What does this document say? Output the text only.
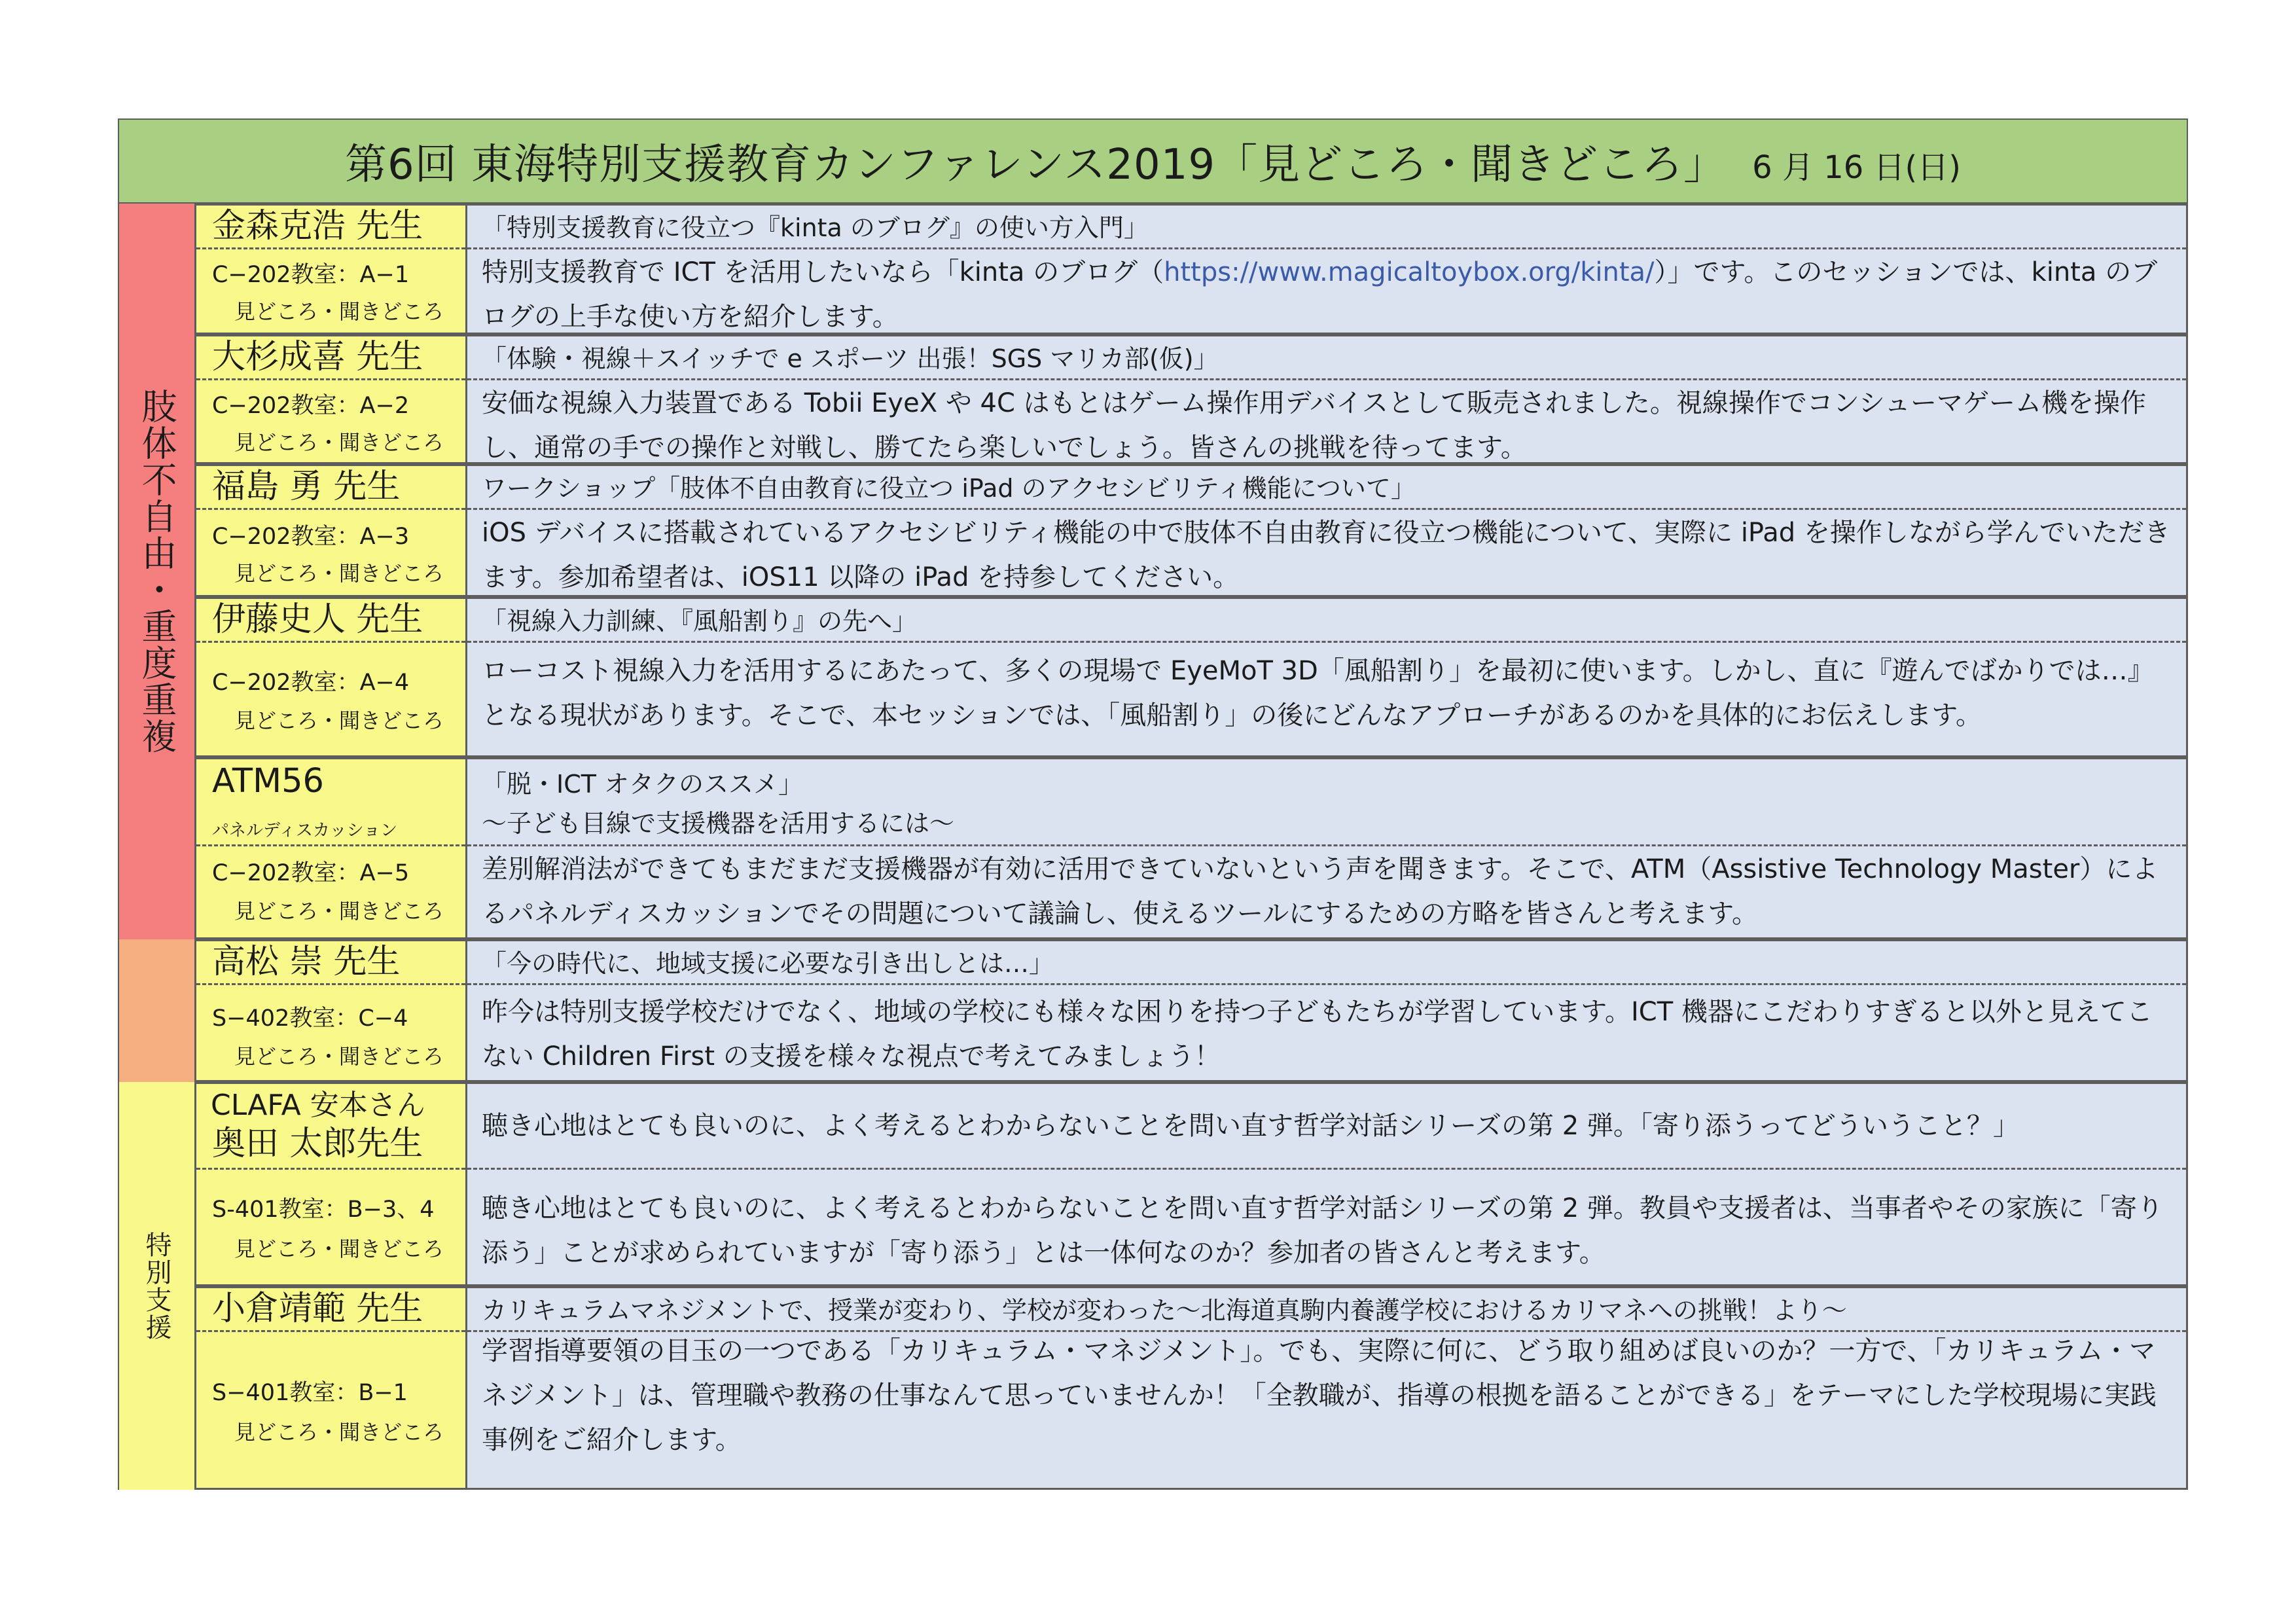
第6回 東海特別支援教育カンファレンス2019「見どころ・聞きどころ」 6 月 16 日(日)
肢体不自由・重度重複
特別支援
金森克浩 先生
C−202教室：A−1
見どころ・聞きどころ
「特別支援教育に役立つ『kinta のブログ』の使い方入門」
特別支援教育で ICT を活用したいなら「kinta のブログ（https://www.magicaltoybox.org/kinta/）」です。このセッションでは、kinta のブログの上手な使い方を紹介します。
大杉成喜 先生
C−202教室：A−2
見どころ・聞きどころ
「体験・視線＋スイッチで e スポーツ 出張！SGS マリカ部(仮)」
安価な視線入力装置である Tobii EyeX や 4C はもとはゲーム操作用デバイスとして販売されました。視線操作でコンシューマゲーム機を操作し、通常の手での操作と対戦し、勝てたら楽しいでしょう。皆さんの挑戦を待ってます。
福島 勇 先生
C−202教室：A−3
見どころ・聞きどころ
ワークショップ「肢体不自由教育に役立つ iPad のアクセシビリティ機能について」
iOS デバイスに搭載されているアクセシビリティ機能の中で肢体不自由教育に役立つ機能について、実際に iPad を操作しながら学んでいただきます。参加希望者は、iOS11 以降の iPad を持参してください。
伊藤史人 先生
C−202教室：A−4
見どころ・聞きどころ
「視線入力訓練、『風船割り』の先へ」
ローコスト視線入力を活用するにあたって、多くの現場で EyeMoT 3D「風船割り」を最初に使います。しかし、直に『遊んでばかりでは…』となる現状があります。そこで、本セッションでは、「風船割り」の後にどんなアプローチがあるのかを具体的にお伝えします。
ATM56
パネルディスカッション
C−202教室：A−5
見どころ・聞きどころ
「脱・ICT オタクのススメ」
〜子ども目線で支援機器を活用するには〜
差別解消法ができてもまだまだ支援機器が有効に活用できていないという声を聞きます。そこで、ATM（Assistive Technology Master）によるパネルディスカッションでその問題について議論し、使えるツールにするための方略を皆さんと考えます。
高松 崇 先生
S−402教室：C−4
見どころ・聞きどころ
「今の時代に、地域支援に必要な引き出しとは…」
昨今は特別支援学校だけでなく、地域の学校にも様々な困りを持つ子どもたちが学習しています。ICT 機器にこだわりすぎると以外と見えてこない Children First の支援を様々な視点で考えてみましょう！
CLAFA 安本さん
奥田 太郎先生
S-401教室：B−3、4
見どころ・聞きどころ
聴き心地はとても良いのに、よく考えるとわからないことを問い直す哲学対話シリーズの第 2 弾。「寄り添うってどういうこと？」
聴き心地はとても良いのに、よく考えるとわからないことを問い直す哲学対話シリーズの第 2 弾。教員や支援者は、当事者やその家族に「寄り添う」ことが求められていますが「寄り添う」とは一体何なのか？参加者の皆さんと考えます。
小倉靖範 先生
S−401教室：B−1
見どころ・聞きどころ
カリキュラムマネジメントで、授業が変わり、学校が変わった〜北海道真駒内養護学校におけるカリマネへの挑戦！より〜
学習指導要領の目玉の一つである「カリキュラム・マネジメント」。でも、実際に何に、どう取り組めば良いのか？一方で、「カリキュラム・マネジメント」は、管理職や教務の仕事なんて思っていませんか！「全教職が、指導の根拠を語ることができる」をテーマにした学校現場に実践事例をご紹介します。
